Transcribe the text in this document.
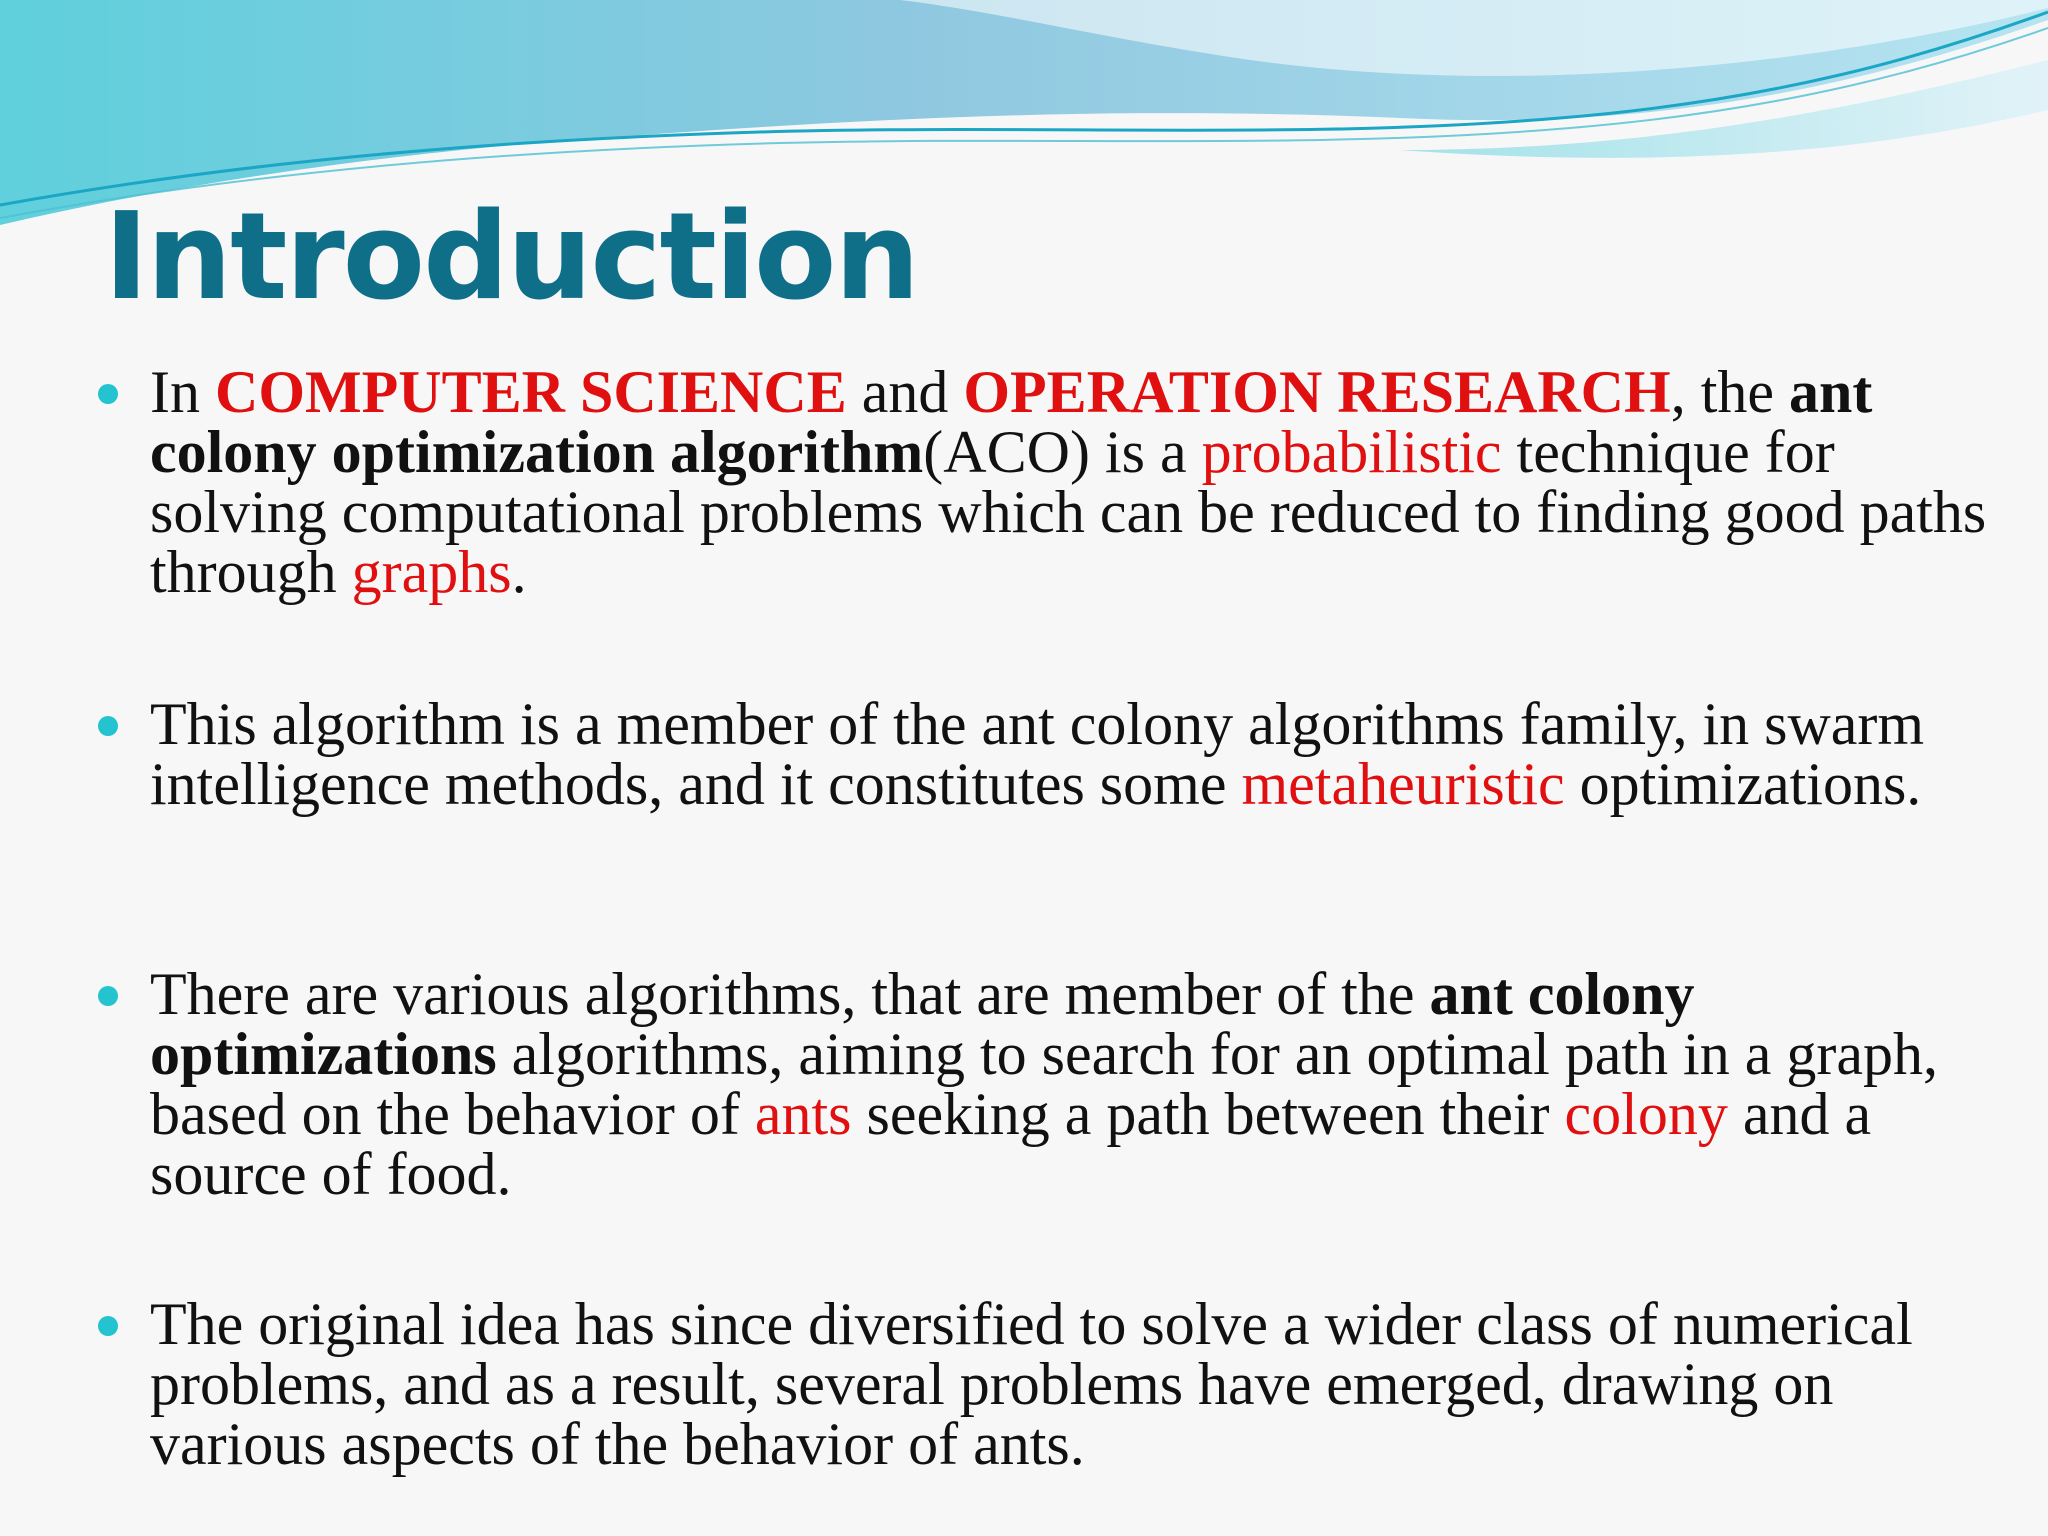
Introduction
In COMPUTER SCIENCE and OPERATION RESEARCH, the ant colony optimization algorithm(ACO) is a probabilistic technique for solving computational problems which can be reduced to finding good paths through graphs.
This algorithm is a member of the ant colony algorithms family, in swarm intelligence methods, and it constitutes some metaheuristic optimizations.
There are various algorithms, that are member of the ant colony optimizations algorithms, aiming to search for an optimal path in a graph, based on the behavior of ants seeking a path between their colony and a source of food.
The original idea has since diversified to solve a wider class of numerical problems, and as a result, several problems have emerged, drawing on various aspects of the behavior of ants.
